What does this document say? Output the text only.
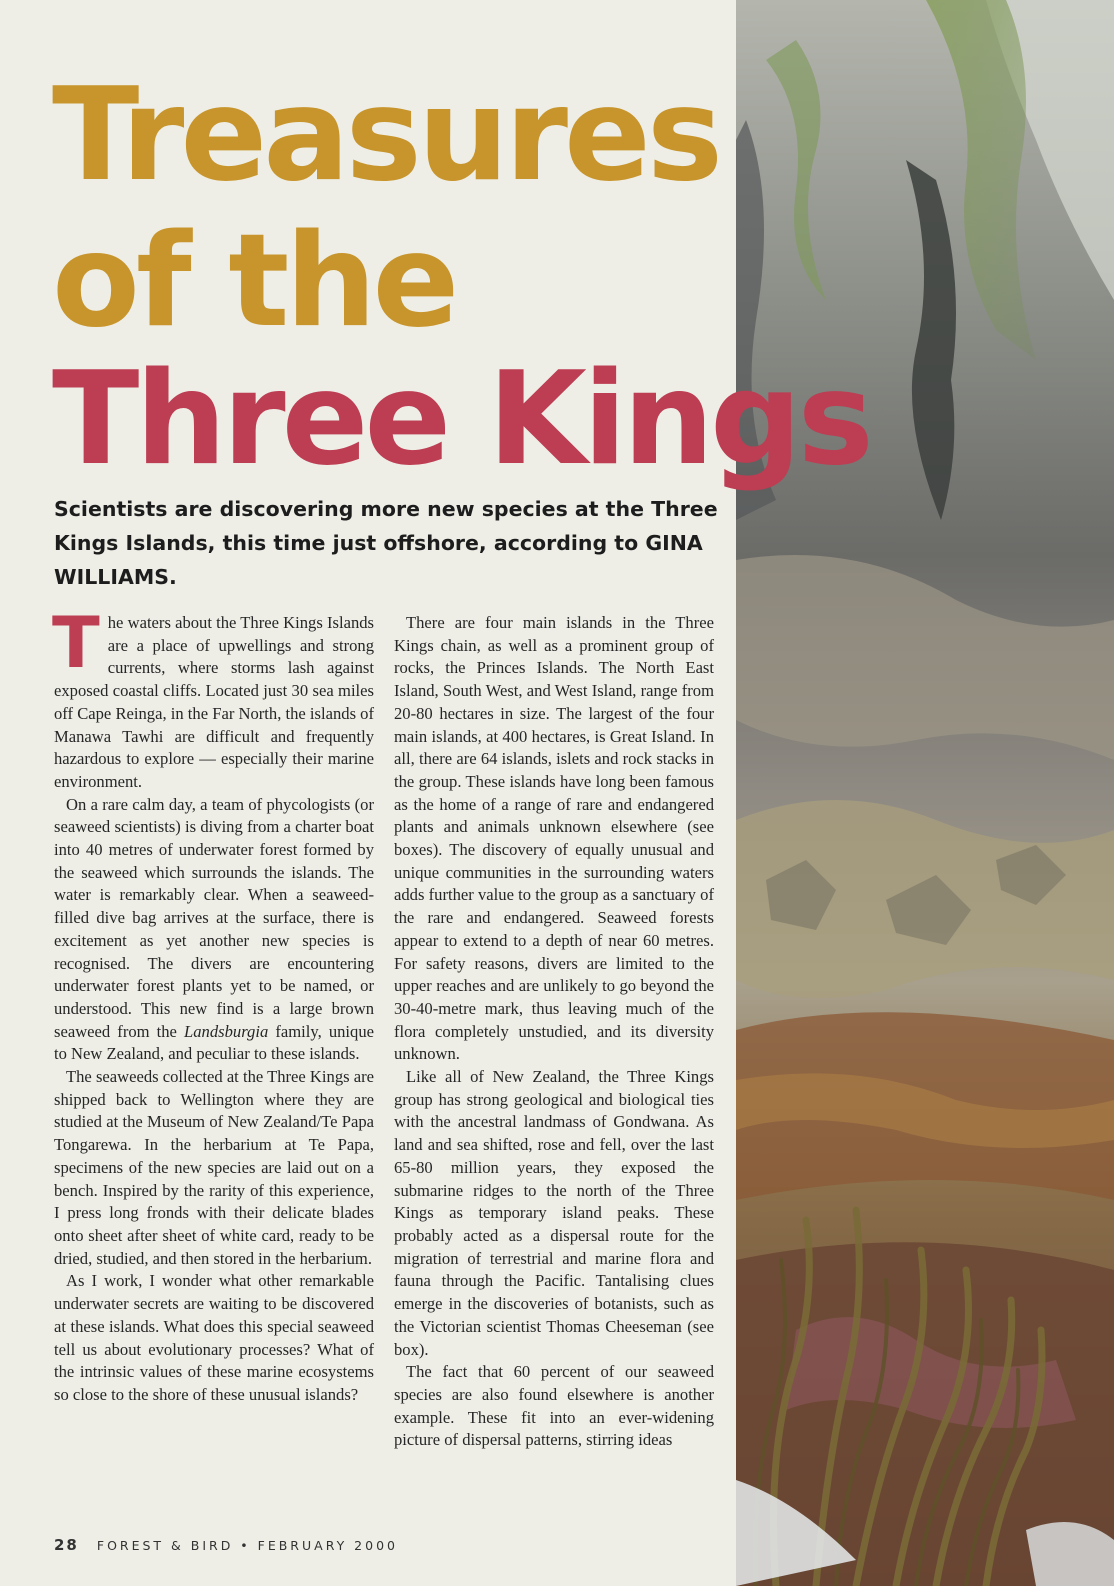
Treasures
of the
Three Kings

Scientists are discovering more new species at the Three Kings Islands, this time just offshore, according to GINA WILLIAMS.

The waters about the Three Kings Islands are a place of upwellings and strong currents, where storms lash against exposed coastal cliffs. Located just 30 sea miles off Cape Reinga, in the Far North, the islands of Manawa Tawhi are difficult and frequently hazardous to explore — especially their marine environment.

On a rare calm day, a team of phycologists (or seaweed scientists) is diving from a charter boat into 40 metres of underwater forest formed by the seaweed which surrounds the islands. The water is remarkably clear. When a seaweed-filled dive bag arrives at the surface, there is excitement as yet another new species is recognised. The divers are encountering underwater forest plants yet to be named, or understood. This new find is a large brown seaweed from the Landsburgia family, unique to New Zealand, and peculiar to these islands.

The seaweeds collected at the Three Kings are shipped back to Wellington where they are studied at the Museum of New Zealand/Te Papa Tongarewa. In the herbarium at Te Papa, specimens of the new species are laid out on a bench. Inspired by the rarity of this experience, I press long fronds with their delicate blades onto sheet after sheet of white card, ready to be dried, studied, and then stored in the herbarium.

As I work, I wonder what other remarkable underwater secrets are waiting to be discovered at these islands. What does this special seaweed tell us about evolutionary processes? What of the intrinsic values of these marine ecosystems so close to the shore of these unusual islands?

There are four main islands in the Three Kings chain, as well as a prominent group of rocks, the Princes Islands. The North East Island, South West, and West Island, range from 20-80 hectares in size. The largest of the four main islands, at 400 hectares, is Great Island. In all, there are 64 islands, islets and rock stacks in the group. These islands have long been famous as the home of a range of rare and endangered plants and animals unknown elsewhere (see boxes). The discovery of equally unusual and unique communities in the surrounding waters adds further value to the group as a sanctuary of the rare and endangered. Seaweed forests appear to extend to a depth of near 60 metres. For safety reasons, divers are limited to the upper reaches and are unlikely to go beyond the 30-40-metre mark, thus leaving much of the flora completely unstudied, and its diversity unknown.

Like all of New Zealand, the Three Kings group has strong geological and biological ties with the ancestral landmass of Gondwana. As land and sea shifted, rose and fell, over the last 65-80 million years, they exposed the submarine ridges to the north of the Three Kings as temporary island peaks. These probably acted as a dispersal route for the migration of terrestrial and marine flora and fauna through the Pacific. Tantalising clues emerge in the discoveries of botanists, such as the Victorian scientist Thomas Cheeseman (see box).

The fact that 60 percent of our seaweed species are also found elsewhere is another example. These fit into an ever-widening picture of dispersal patterns, stirring ideas

28 FOREST & BIRD • FEBRUARY 2000
